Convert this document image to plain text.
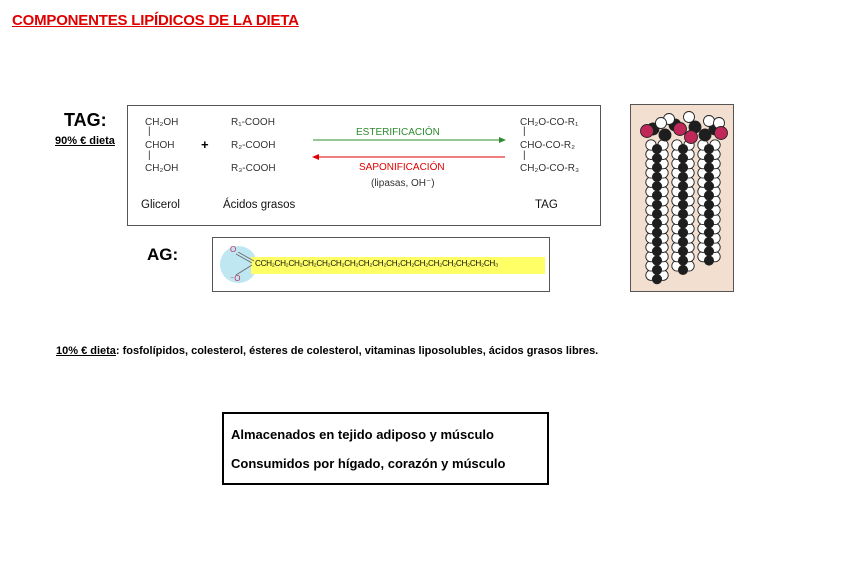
COMPONENTES LIPÍDICOS DE LA DIETA
TAG:
90% € dieta
CH₂OH
|
CHOH
|
CH₂OH
Glicerol
+
R₁-COOH
R₂-COOH
R₃-COOH
Ácidos grasos
ESTERIFICACIÓN
SAPONIFICACIÓN
(lipasas, OH⁻)
CH₂O-CO-R₁
|
CHO-CO-R₂
|
CH₂O-CO-R₃
TAG
AG:	CCH₂CH₂CH₂CH₂CH₂CH₂CH₂CH₂CH₂CH₂CH₂CH₂CH₂CH₂CH₂CH₂CH₃
O
⁻O
10% € dieta: fosfolípidos, colesterol, ésteres de colesterol, vitaminas liposolubles, ácidos grasos libres.
Almacenados en tejido adiposo y músculo
Consumidos por hígado, corazón y músculo
